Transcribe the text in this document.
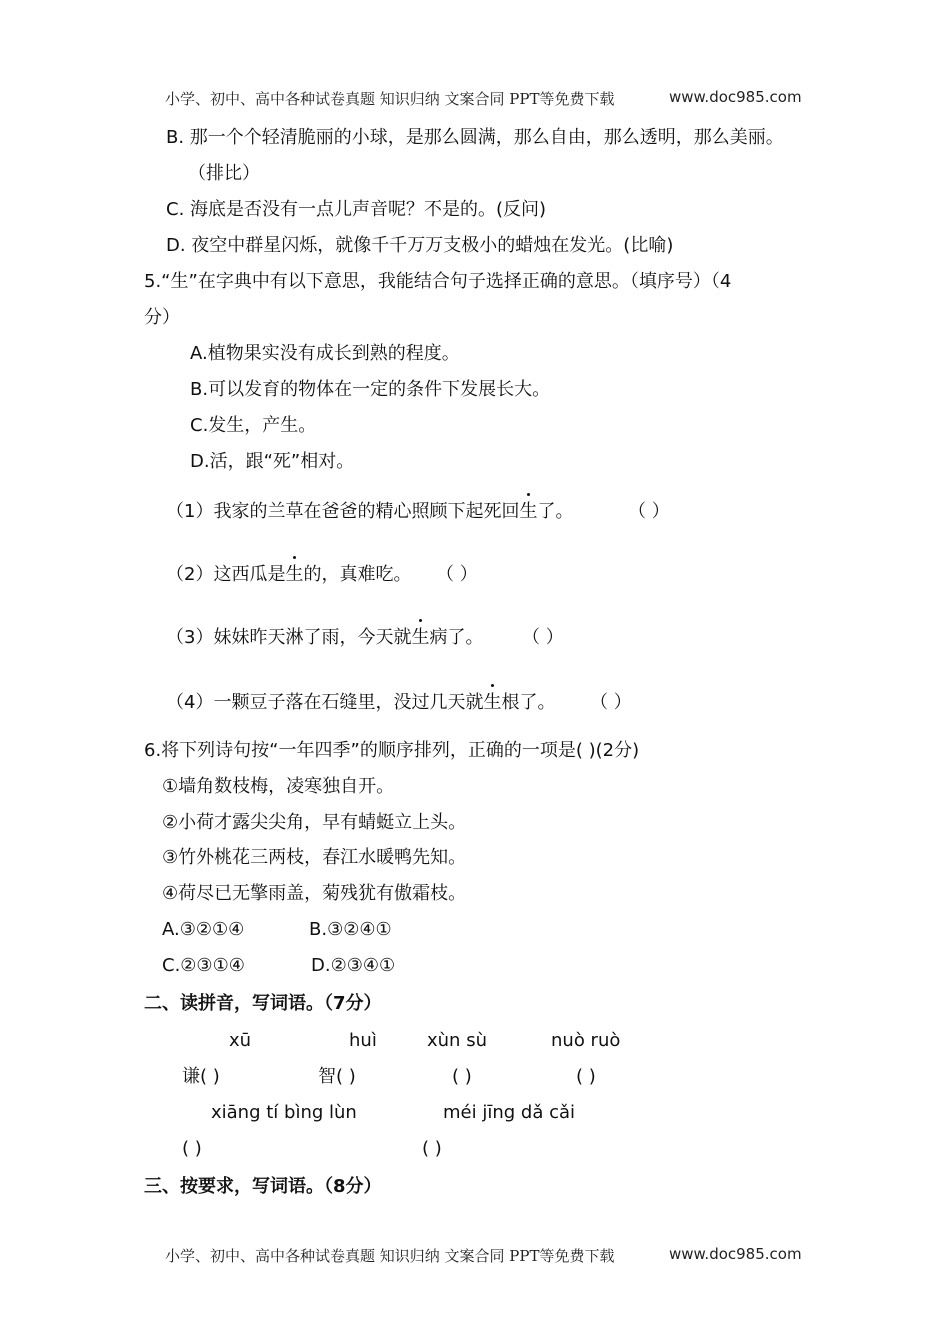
小学、初中、高中各种试卷真题 知识归纳 文案合同 PPT等免费下载	www.doc985.com
B. 那一个个轻清脆丽的小球，是那么圆满，那么自由，那么透明，那么美丽。
（排比）
C. 海底是否没有一点儿声音呢？不是的。(反问)
D. 夜空中群星闪烁，就像千千万万支极小的蜡烛在发光。(比喻)
5.“生”在字典中有以下意思，我能结合句子选择正确的意思。（填序号）（4
分）
A.植物果实没有成长到熟的程度。
B.可以发育的物体在一定的条件下发展长大。
C.发生，产生。
D.活，跟“死”相对。
（1）我家的兰草在爸爸的精心照顾下起死回生了。	（ ）
（2）这西瓜是生的，真难吃。 （ ）
（3）妹妹昨天淋了雨，今天就生病了。 （ ）
（4）一颗豆子落在石缝里，没过几天就生根了。 （ ）
6.将下列诗句按“一年四季”的顺序排列，正确的一项是( )(2分)
①墙角数枝梅，凌寒独自开。
②小荷才露尖尖角，早有蜻蜓立上头。
③竹外桃花三两枝，春江水暖鸭先知。
④荷尽已无擎雨盖，菊残犹有傲霜枝。
A.③②①④	B.③②④①
C.②③①④	D.②③④①
二、读拼音，写词语。（7分）
xū	huì	xùn sù	nuò ruò
谦( )	智( )	( )	( )
xiāng tí bìng lùn	méi jīng dǎ cǎi
( )	( )
三、按要求，写词语。（8分）
小学、初中、高中各种试卷真题 知识归纳 文案合同 PPT等免费下载	www.doc985.com
